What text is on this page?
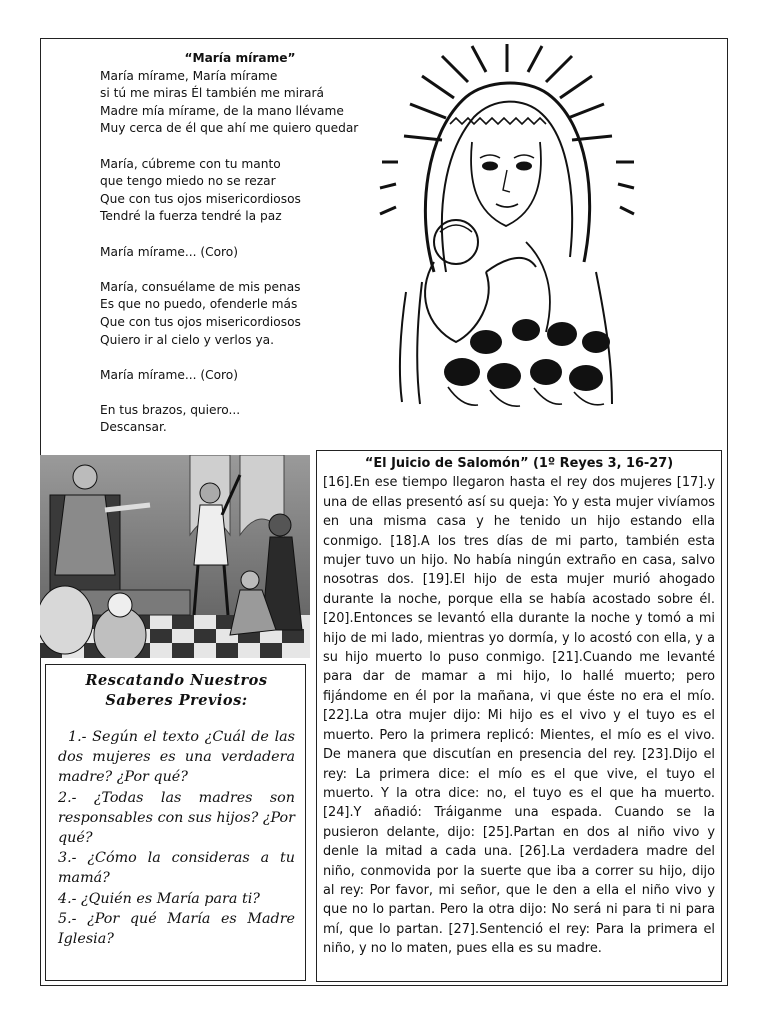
“María mírame”
María mírame, María mírame
si tú me miras Él también me mirará
Madre mía mírame, de la mano llévame
Muy cerca de él que ahí me quiero quedar
María, cúbreme con tu manto
que tengo miedo no se rezar
Que con tus ojos misericordiosos
Tendré la fuerza tendré la paz
María mírame... (Coro)
María, consuélame de mis penas
Es que no puedo, ofenderle más
Que con tus ojos misericordiosos
Quiero ir al cielo y verlos ya.
María mírame... (Coro)
En tus brazos, quiero...
Descansar.
“El Juicio de Salomón” (1º Reyes 3, 16-27)

[16].En ese tiempo llegaron hasta el rey dos mujeres [17].y una de ellas presentó así su queja: Yo y esta mujer vivíamos en una misma casa y he tenido un hijo estando ella conmigo. [18].A los tres días de mi parto, también esta mujer tuvo un hijo. No había ningún extraño en casa, salvo nosotras dos. [19].El hijo de esta mujer murió ahogado durante la noche, porque ella se había acostado sobre él. [20].Entonces se levantó ella durante la noche y tomó a mi hijo de mi lado, mientras yo dormía, y lo acostó con ella, y a su hijo muerto lo puso conmigo. [21].Cuando me levanté para dar de mamar a mi hijo, lo hallé muerto; pero fijándome en él por la mañana, vi que éste no era el mío. [22].La otra mujer dijo: Mi hijo es el vivo y el tuyo es el muerto. Pero la primera replicó: Mientes, el mío es el vivo. De manera que discutían en presencia del rey. [23].Dijo el rey: La primera dice: el mío es el que vive, el tuyo el muerto. Y la otra dice: no, el tuyo es el que ha muerto. [24].Y añadió: Tráiganme una espada. Cuando se la pusieron delante, dijo: [25].Partan en dos al niño vivo y denle la mitad a cada una. [26].La verdadera madre del niño, conmovida por la suerte que iba a correr su hijo, dijo al rey: Por favor, mi señor, que le den a ella el niño vivo y que no lo partan. Pero la otra dijo: No será ni para ti ni para mí, que lo partan. [27].Sentenció el rey: Para la primera el niño, y no lo maten, pues ella es su madre.

Rescatando Nuestros
Saberes Previos:

1.- Según el texto ¿Cuál de las dos mujeres es una verdadera madre? ¿Por qué?

2.- ¿Todas las madres son responsables con sus hijos? ¿Por qué?

3.- ¿Cómo la consideras a tu mamá?

4.- ¿Quién es María para ti?

5.- ¿Por qué María es Madre Iglesia?
